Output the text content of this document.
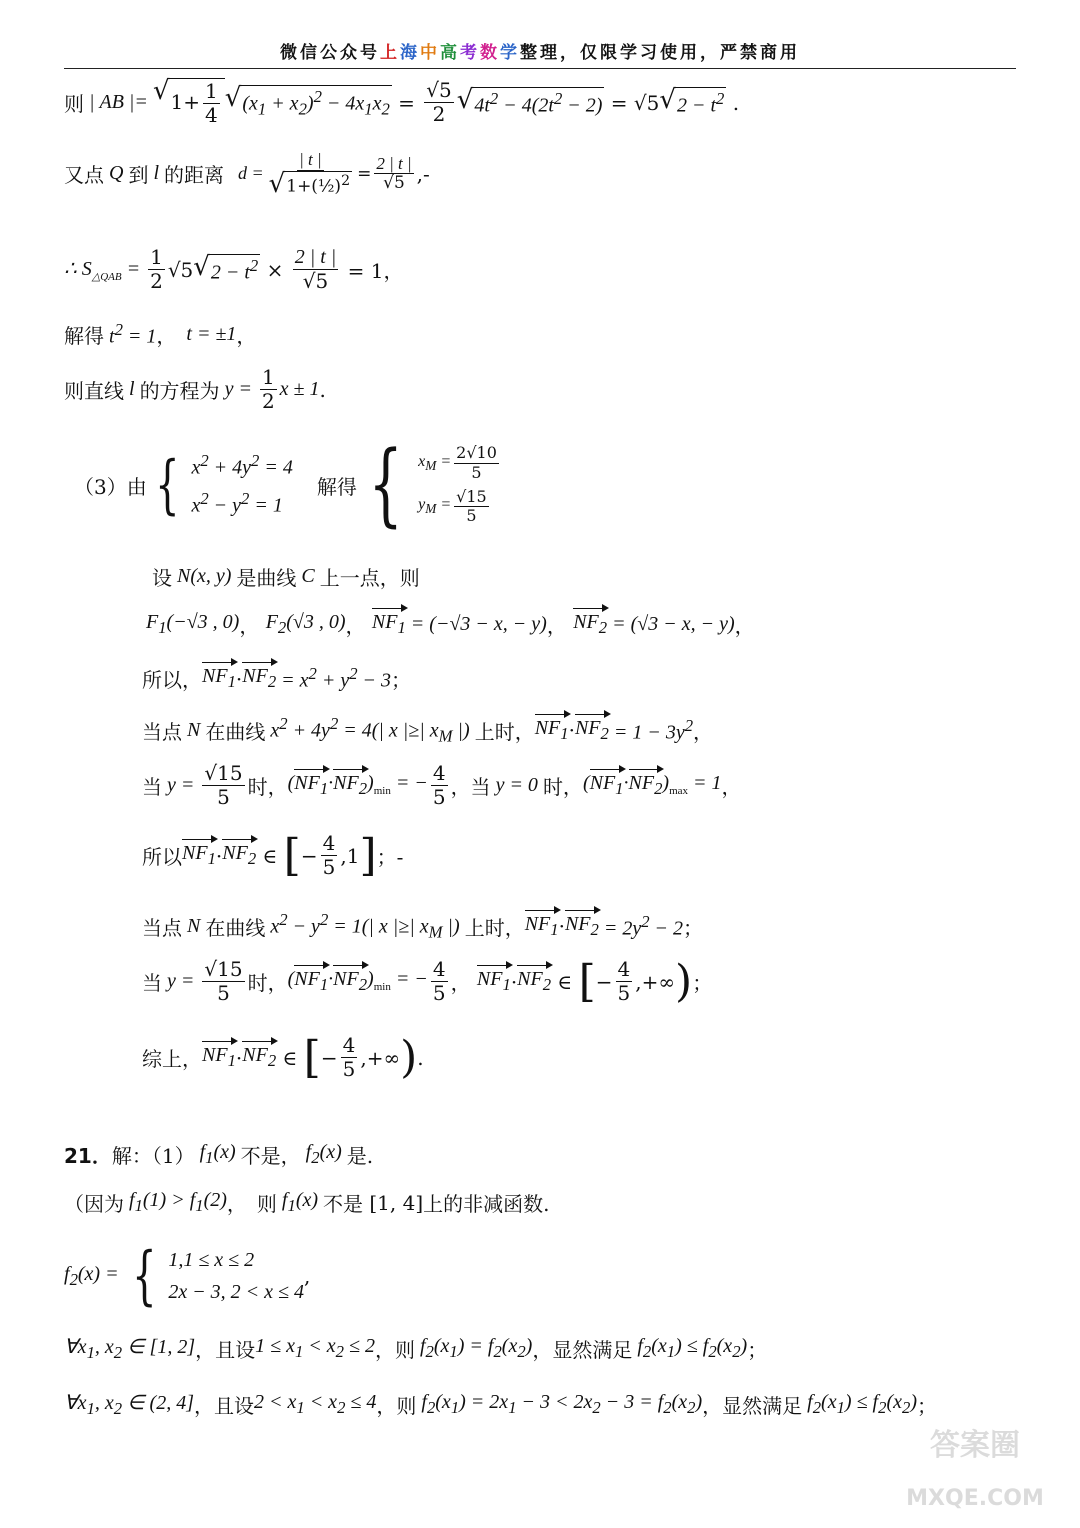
微信公众号上海中高考数学整理，仅限学习使用，严禁商用
则 | AB |= √ $1+ \frac{1}{4}$ √ $(x_1 + x_2)^2 - 4x_1x_2 = \frac{√5}{2}$ √ $4t^2 - 4(2t^2 - 2) = √5$ √ $2 - t^2$ .
又点 Q 到 l 的距离 $d = \frac{| t |}{√ 1+(\frac{1}{2})^2} = \frac{2 | t |}{√5}$ ,-
∴ $S_{\triangle QAB} = \frac{1}{2} √5$ √ $2 - t^2 \times \frac{2 | t |}{√5} = 1$，
解得 $t^2 = 1$ ， t = ±1 ，
则直线 l 的方程为 $y = \frac{1}{2}$ x ± 1 .
（3）由 { $x^2 + 4y^2 = 4$
$x^2 - y^2 = 1$
解得 { $x_M = \frac{2√10}{5}$
$y_M = \frac{√15}{5}$
设 N(x, y) 是曲线 C 上一点，则
$F_1(-√3$ , 0) ， $F_2(√3$ , 0) ， $NF_1 = (-√3 - x$, − y) ， $NF_2 = (√3 - x$, − y) ，
所以， $NF_1 \cdot NF_2 = x^2 + y^2 - 3$ ；
当点 N 在曲线 $x^2 + 4y^2 = 4(|$ x |≥| $x_M$ |) 上时， $NF_1 \cdot NF_2 = 1 - 3y^2$ ，
当 $y = \frac{√15}{5}$ 时， $(NF_1\cdot NF_2)_{min}$ = − $\frac{4}{5}$ ，当 y = 0 时， $(NF_1\cdot NF_2)_{max} = 1$ ，
所以 $NF_1 \cdot NF_2$ ∈ [ − $\frac{4}{5} ,1$ ] ；-
当点 N 在曲线 $x^2 - y^2 = 1(|$ x |≥| $x_M$ |) 上时， $NF_1 \cdot NF_2 = 2y^2 - 2$ ；
当 $y = \frac{√15}{5}$ 时， $(NF_1\cdot NF_2)_{min}$ = − $\frac{4}{5}$ ， $NF_1 \cdot NF_2$ ∈ [ − $\frac{4}{5}$ ,+∞ ) ；
综上， $NF_1 \cdot NF_2$ ∈ [ − $\frac{4}{5}$ ,+∞ ) .
21． 解：（1） $f_1(x)$ 不是， $f_2(x)$ 是.
（因为 $f_1(1) > f_1(2)$ ，　则 $f_1(x)$ 不是 [1, 4] 上的非减函数.
$f_2(x)$ = { 1,1 ≤ x ≤ 2
2x − 3, 2 < x ≤ 4
,
$\forall x_1$, $x_2$ ∈ [1, 2] ， 且设 $1 \le x_1 < x_2 \le 2$ ，则 $f_2(x_1) = f_2(x_2)$ ，显然满足 $f_2(x_1) \le f_2(x_2)$ ；
$\forall x_1$, $x_2$ ∈ (2, 4] ， 且设 $2 < x_1 < x_2 \le 4$ ，则 $f_2(x_1) = 2x_1 - 3 < 2x_2 - 3 = f_2(x_2)$ ，显然满足 $f_2(x_1) \le f_2(x_2)$ ；
答案圈
MXQE.COM
